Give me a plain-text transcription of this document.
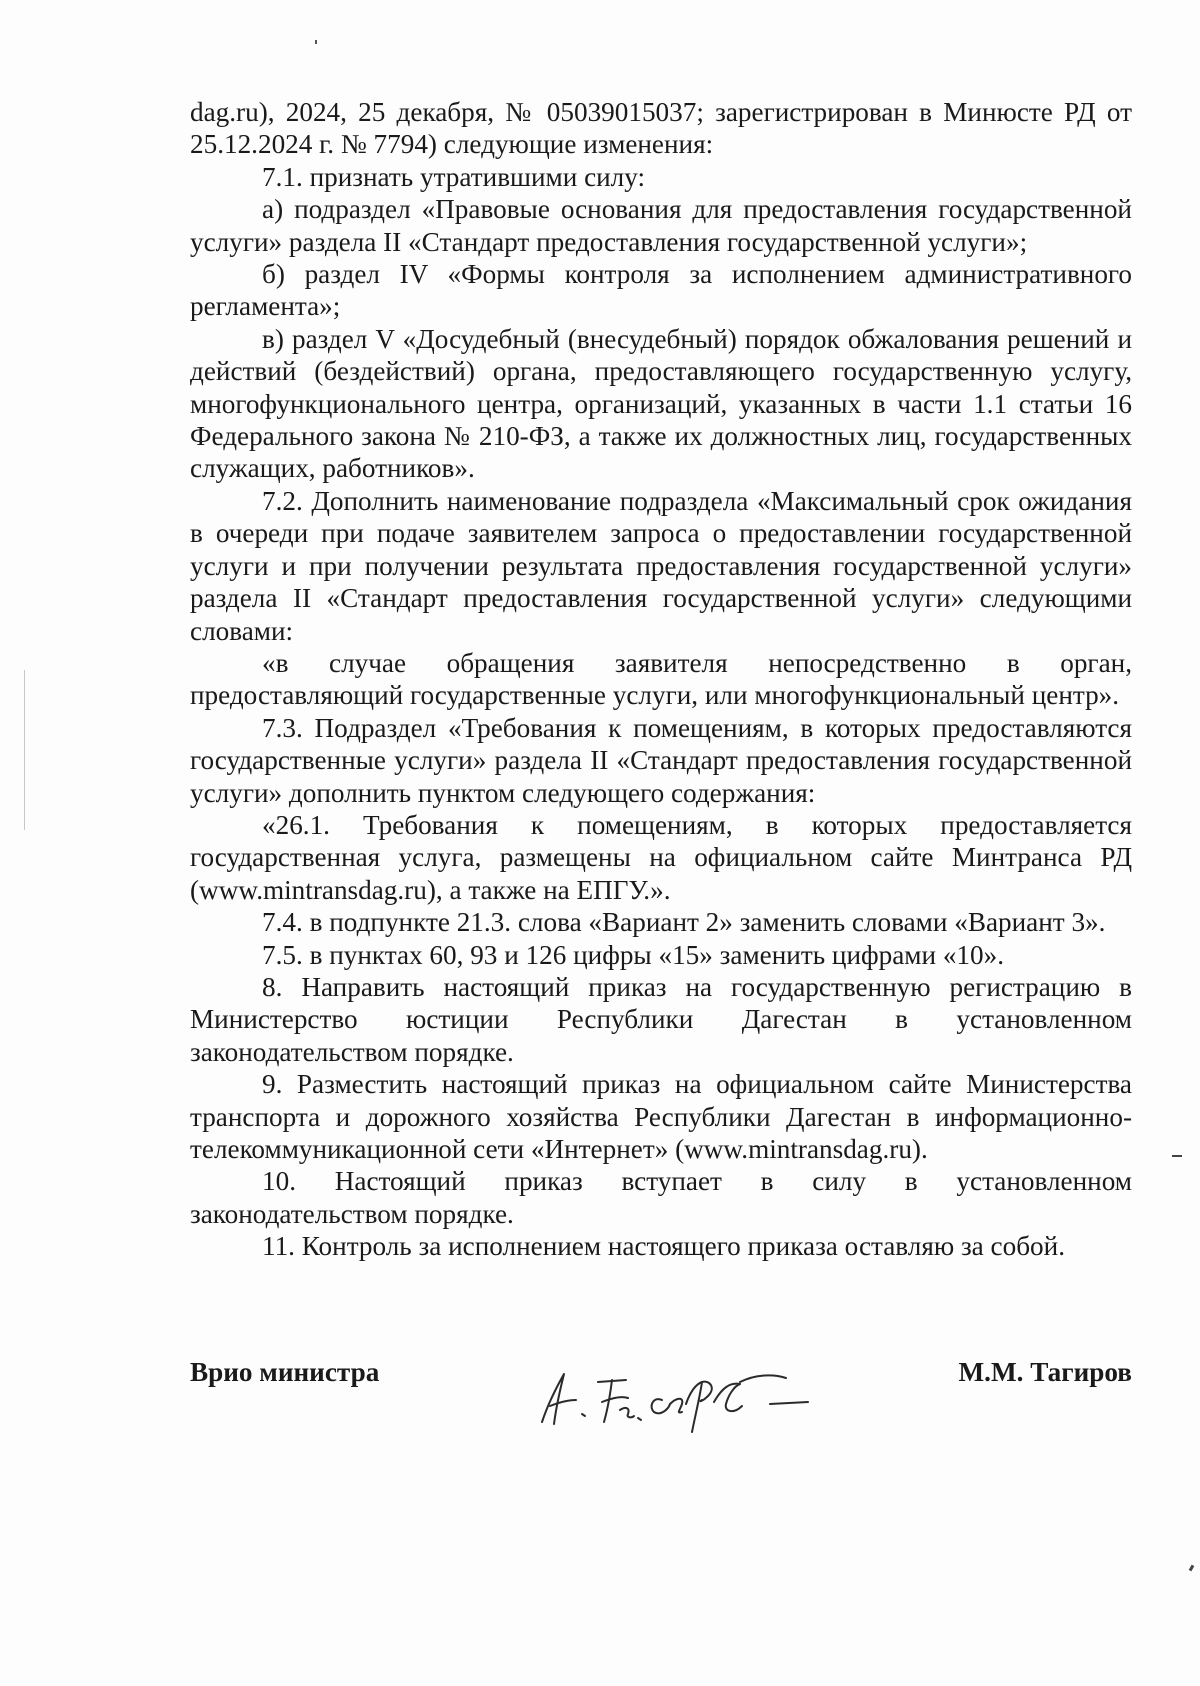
dag.ru), 2024, 25 декабря, № 05039015037; зарегистрирован в Минюсте РД от 25.12.2024 г. № 7794) следующие изменения:

7.1. признать утратившими силу:

а) подраздел «Правовые основания для предоставления государственной услуги» раздела II «Стандарт предоставления государственной услуги»;

б) раздел IV «Формы контроля за исполнением административного регламента»;

в) раздел V «Досудебный (внесудебный) порядок обжалования решений и действий (бездействий) органа, предоставляющего государственную услугу, многофункционального центра, организаций, указанных в части 1.1 статьи 16 Федерального закона № 210-ФЗ, а также их должностных лиц, государственных служащих, работников».

7.2. Дополнить наименование подраздела «Максимальный срок ожидания в очереди при подаче заявителем запроса о предоставлении государственной услуги и при получении результата предоставления государственной услуги» раздела II «Стандарт предоставления государственной услуги» следующими словами:

«в случае обращения заявителя непосредственно в орган, предоставляющий государственные услуги, или многофункциональный центр».

7.3. Подраздел «Требования к помещениям, в которых предоставляются государственные услуги» раздела II «Стандарт предоставления государственной услуги» дополнить пунктом следующего содержания:

«26.1. Требования к помещениям, в которых предоставляется государственная услуга, размещены на официальном сайте Минтранса РД (www.mintransdag.ru), а также на ЕПГУ.».

7.4. в подпункте 21.3. слова «Вариант 2» заменить словами «Вариант 3».

7.5. в пунктах 60, 93 и 126 цифры «15» заменить цифрами «10».

8. Направить настоящий приказ на государственную регистрацию в Министерство юстиции Республики Дагестан в установленном законодательством порядке.

9. Разместить настоящий приказ на официальном сайте Министерства транспорта и дорожного хозяйства Республики Дагестан в информационно-телекоммуникационной сети «Интернет» (www.mintransdag.ru).

10. Настоящий приказ вступает в силу в установленном законодательством порядке.

11. Контроль за исполнением настоящего приказа оставляю за собой.

Врио министра	М.М. Тагиров
